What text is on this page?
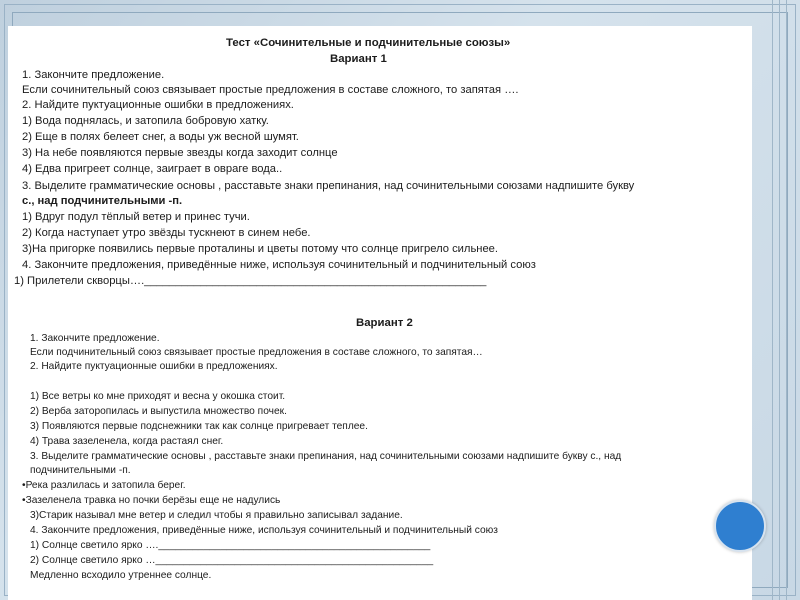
Тест «Сочинительные и подчинительные союзы»
Вариант 1
1. Закончите предложение.
Если сочинительный союз связывает простые предложения в составе сложного, то запятая ….
2. Найдите пуктуационные ошибки в предложениях.
1) Вода поднялась, и затопила бобровую хатку.
2) Еще в полях белеет снег, а воды уж весной шумят.
3) На небе появляются первые звезды когда заходит солнце
4) Едва пригреет солнце, заиграет в овраге вода..
3. Выделите грамматические основы , расставьте знаки препинания, над сочинительными союзами надпишите букву
с., над подчинительными -п.
1) Вдруг подул тёплый ветер и принес тучи.
2) Когда наступает утро звёзды тускнеют в синем небе.
3)На пригорке появились первые проталины и цветы потому что солнце пригрело сильнее.
4. Закончите предложения, приведённые ниже, используя сочинительный и подчинительный союз
1) Прилетели скворцы…._______________________________________________________
Вариант 2
1. Закончите предложение.
Если подчинительный союз связывает простые предложения в составе сложного, то запятая…
2. Найдите пуктуационные ошибки в предложениях.
1) Все ветры ко мне приходят и весна у окошка стоит.
2) Верба заторопилась и выпустила множество почек.
3) Появляются первые подснежники так как солнце пригревает теплее.
4) Трава зазеленела, когда растаял снег.
3. Выделите грамматические основы , расставьте знаки препинания, над сочинительными союзами надпишите букву с., над
подчинительными -п.
•Река разлилась и затопила берег.
•Зазеленела травка но почки берёзы еще не надулись
3)Старик называл мне ветер и следил чтобы я правильно записывал задание.
4. Закончите предложения, приведённые ниже, используя сочинительный и подчинительный союз
1) Солнце светило ярко ….________________________________________________
2) Солнце светило ярко …_________________________________________________
Медленно всходило утреннее солнце.
